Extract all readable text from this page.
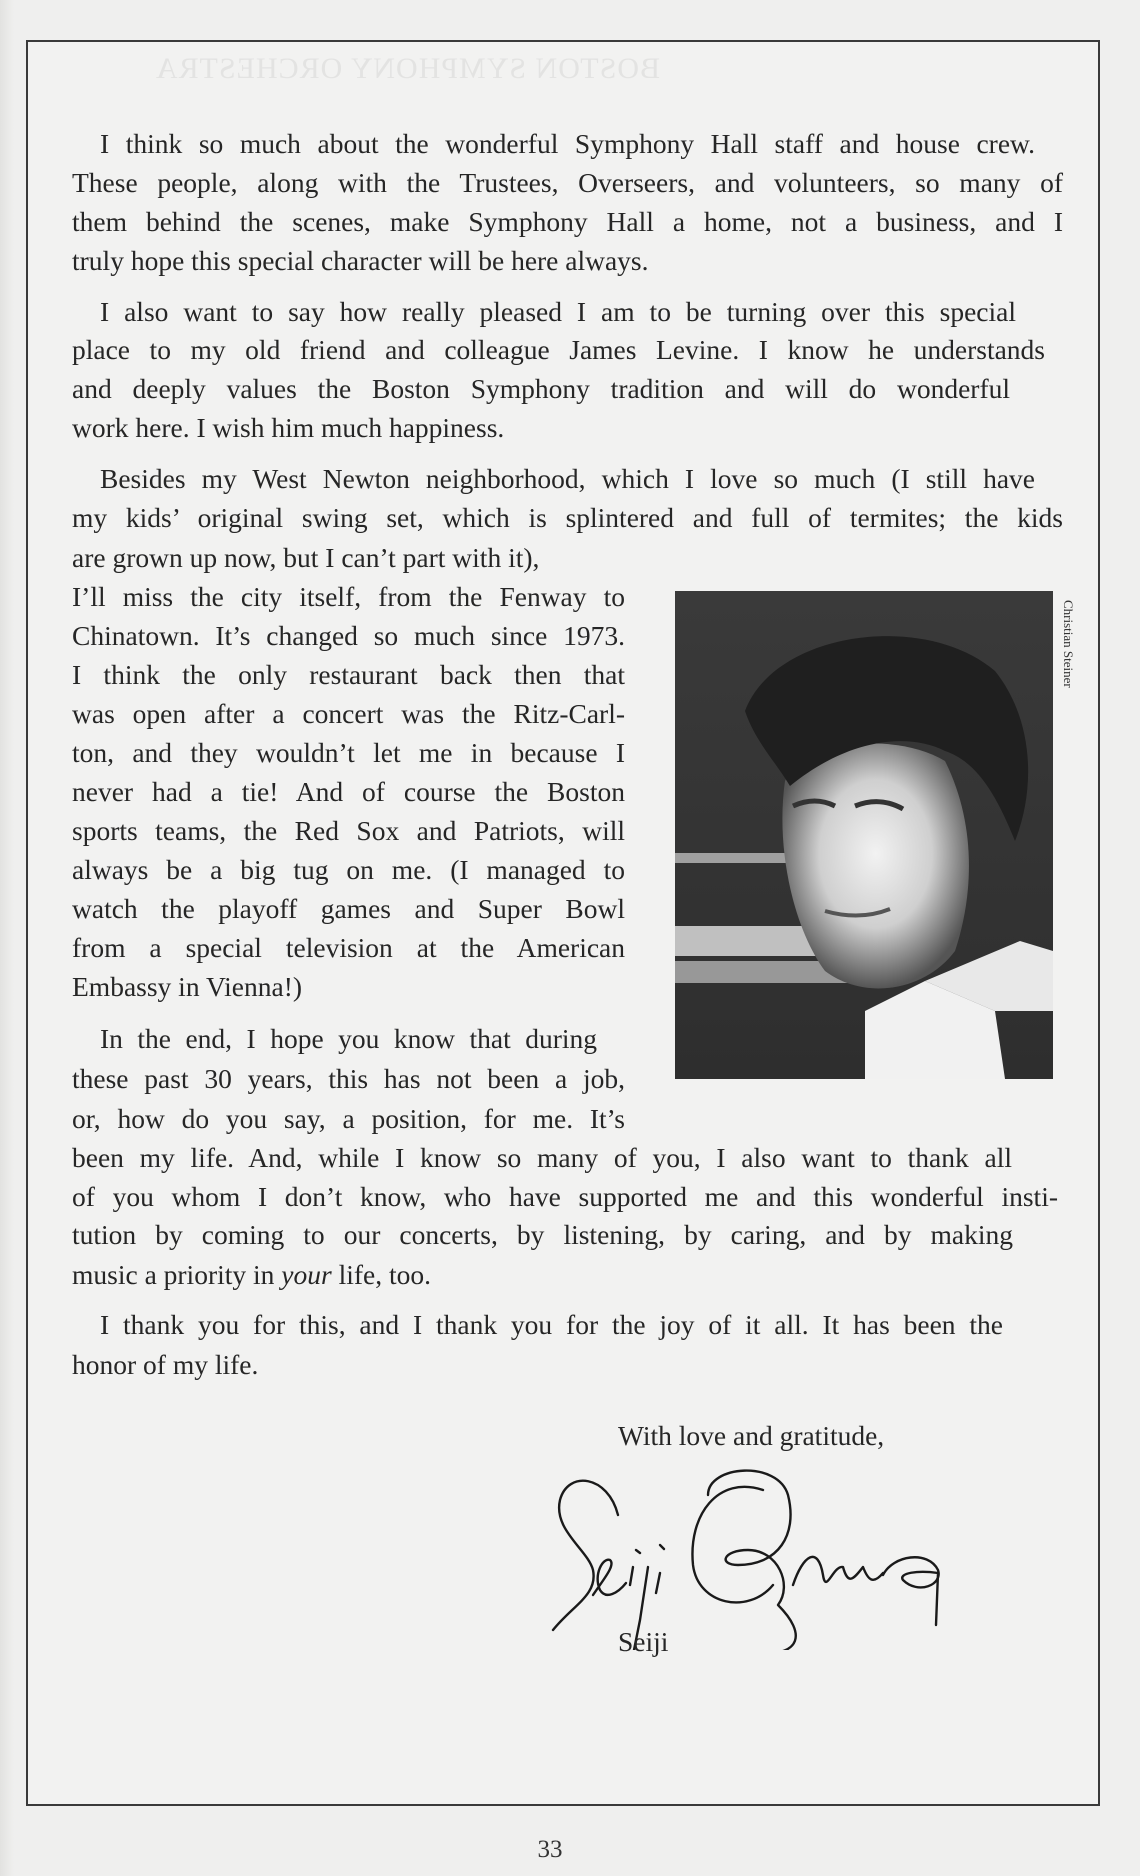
BOSTON SYMPHONY ORCHESTRA
I think so much about the wonderful Symphony Hall staff and house crew.
These people, along with the Trustees, Overseers, and volunteers, so many of
them behind the scenes, make Symphony Hall a home, not a business, and I
truly hope this special character will be here always.
I also want to say how really pleased I am to be turning over this special
place to my old friend and colleague James Levine. I know he understands
and deeply values the Boston Symphony tradition and will do wonderful
work here. I wish him much happiness.
Besides my West Newton neighborhood, which I love so much (I still have
my kids’ original swing set, which is splintered and full of termites; the kids
are grown up now, but I can’t part with it),
I’ll miss the city itself, from the Fenway to
Chinatown. It’s changed so much since 1973.
I think the only restaurant back then that
was open after a concert was the Ritz-Carl-
ton, and they wouldn’t let me in because I
never had a tie! And of course the Boston
sports teams, the Red Sox and Patriots, will
always be a big tug on me. (I managed to
watch the playoff games and Super Bowl
from a special television at the American
Embassy in Vienna!)
In the end, I hope you know that during
these past 30 years, this has not been a job,
or, how do you say, a position, for me. It’s
been my life. And, while I know so many of you, I also want to thank all
of you whom I don’t know, who have supported me and this wonderful insti-
tution by coming to our concerts, by listening, by caring, and by making
music a priority in your life, too.
I thank you for this, and I thank you for the joy of it all. It has been the
honor of my life.
Christian Steiner
With love and gratitude,
Seiji
33
